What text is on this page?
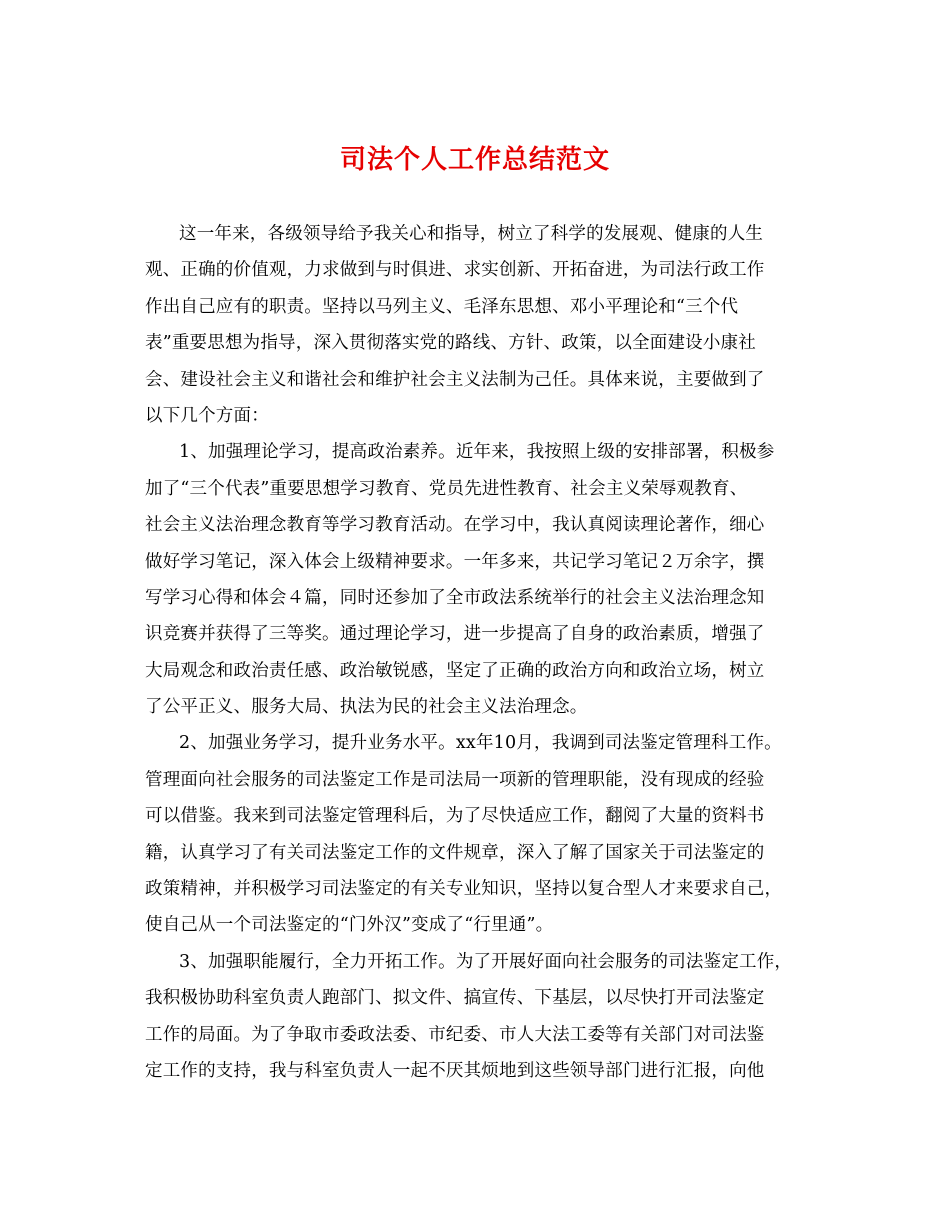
司法个人工作总结范文
这一年来，各级领导给予我关心和指导，树立了科学的发展观、健康的人生
观、正确的价值观，力求做到与时俱进、求实创新、开拓奋进，为司法行政工作
作出自己应有的职责。坚持以马列主义、毛泽东思想、邓小平理论和“三个代
表”重要思想为指导，深入贯彻落实党的路线、方针、政策，以全面建设小康社
会、建设社会主义和谐社会和维护社会主义法制为己任。具体来说，主要做到了
以下几个方面：
1、加强理论学习，提高政治素养。近年来，我按照上级的安排部署，积极参
加了“三个代表”重要思想学习教育、党员先进性教育、社会主义荣辱观教育、
社会主义法治理念教育等学习教育活动。在学习中，我认真阅读理论著作，细心
做好学习笔记，深入体会上级精神要求。一年多来，共记学习笔记２万余字，撰
写学习心得和体会４篇，同时还参加了全市政法系统举行的社会主义法治理念知
识竞赛并获得了三等奖。通过理论学习，进一步提高了自身的政治素质，增强了
大局观念和政治责任感、政治敏锐感，坚定了正确的政治方向和政治立场，树立
了公平正义、服务大局、执法为民的社会主义法治理念。
2、加强业务学习，提升业务水平。xx年10月，我调到司法鉴定管理科工作。
管理面向社会服务的司法鉴定工作是司法局一项新的管理职能，没有现成的经验
可以借鉴。我来到司法鉴定管理科后，为了尽快适应工作，翻阅了大量的资料书
籍，认真学习了有关司法鉴定工作的文件规章，深入了解了国家关于司法鉴定的
政策精神，并积极学习司法鉴定的有关专业知识，坚持以复合型人才来要求自己，
使自己从一个司法鉴定的“门外汉”变成了“行里通”。
3、加强职能履行，全力开拓工作。为了开展好面向社会服务的司法鉴定工作，
我积极协助科室负责人跑部门、拟文件、搞宣传、下基层，以尽快打开司法鉴定
工作的局面。为了争取市委政法委、市纪委、市人大法工委等有关部门对司法鉴
定工作的支持，我与科室负责人一起不厌其烦地到这些领导部门进行汇报，向他
